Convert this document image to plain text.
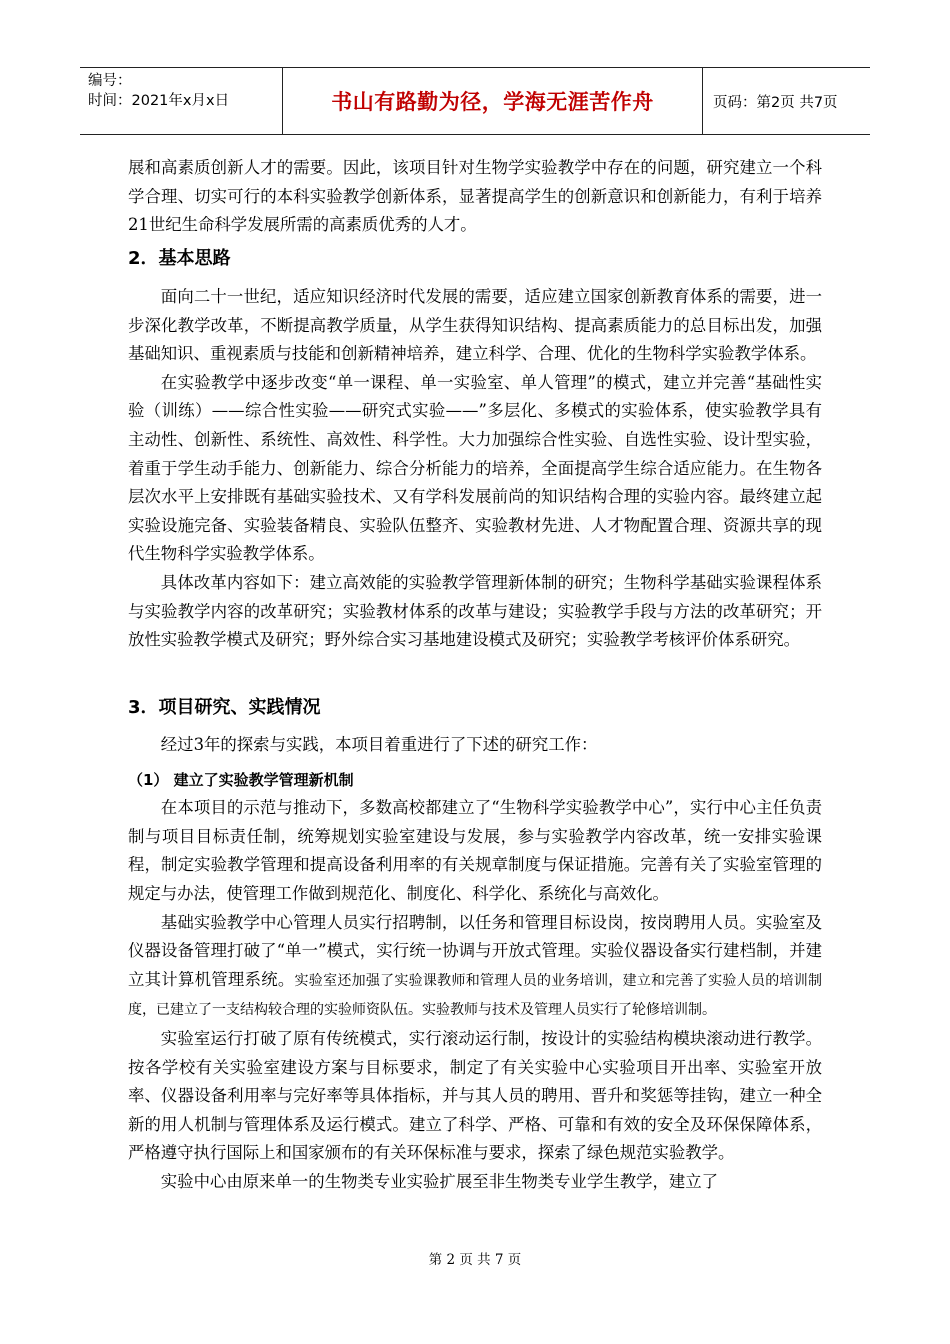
编号：
时间：2021年x月x日	书山有路勤为径，学海无涯苦作舟	页码：第2页 共7页

展和高素质创新人才的需要。因此，该项目针对生物学实验教学中存在的问题，研究建立一个科学合理、切实可行的本科实验教学创新体系，显著提高学生的创新意识和创新能力，有利于培养21世纪生命科学发展所需的高素质优秀的人才。

2．基本思路

面向二十一世纪，适应知识经济时代发展的需要，适应建立国家创新教育体系的需要，进一步深化教学改革，不断提高教学质量，从学生获得知识结构、提高素质能力的总目标出发，加强基础知识、重视素质与技能和创新精神培养，建立科学、合理、优化的生物科学实验教学体系。

在实验教学中逐步改变“单一课程、单一实验室、单人管理”的模式，建立并完善“基础性实验（训练）——综合性实验——研究式实验——”多层化、多模式的实验体系，使实验教学具有主动性、创新性、系统性、高效性、科学性。大力加强综合性实验、自选性实验、设计型实验，着重于学生动手能力、创新能力、综合分析能力的培养，全面提高学生综合适应能力。在生物各层次水平上安排既有基础实验技术、又有学科发展前尚的知识结构合理的实验内容。最终建立起实验设施完备、实验装备精良、实验队伍整齐、实验教材先进、人才物配置合理、资源共享的现代生物科学实验教学体系。

具体改革内容如下：建立高效能的实验教学管理新体制的研究；生物科学基础实验课程体系与实验教学内容的改革研究；实验教材体系的改革与建设；实验教学手段与方法的改革研究；开放性实验教学模式及研究；野外综合实习基地建设模式及研究；实验教学考核评价体系研究。

3．项目研究、实践情况

经过3年的探索与实践，本项目着重进行了下述的研究工作：

（1） 建立了实验教学管理新机制

在本项目的示范与推动下，多数高校都建立了“生物科学实验教学中心”，实行中心主任负责制与项目目标责任制，统筹规划实验室建设与发展，参与实验教学内容改革，统一安排实验课程，制定实验教学管理和提高设备利用率的有关规章制度与保证措施。完善有关了实验室管理的规定与办法，使管理工作做到规范化、制度化、科学化、系统化与高效化。

基础实验教学中心管理人员实行招聘制，以任务和管理目标设岗，按岗聘用人员。实验室及仪器设备管理打破了“单一”模式，实行统一协调与开放式管理。实验仪器设备实行建档制，并建立其计算机管理系统。实验室还加强了实验课教师和管理人员的业务培训，建立和完善了实验人员的培训制度，已建立了一支结构较合理的实验师资队伍。实验教师与技术及管理人员实行了轮修培训制。

实验室运行打破了原有传统模式，实行滚动运行制，按设计的实验结构模块滚动进行教学。按各学校有关实验室建设方案与目标要求，制定了有关实验中心实验项目开出率、实验室开放率、仪器设备利用率与完好率等具体指标，并与其人员的聘用、晋升和奖惩等挂钩，建立一种全新的用人机制与管理体系及运行模式。建立了科学、严格、可靠和有效的安全及环保保障体系，严格遵守执行国际上和国家颁布的有关环保标准与要求，探索了绿色规范实验教学。

实验中心由原来单一的生物类专业实验扩展至非生物类专业学生教学，建立了

第 2 页 共 7 页
